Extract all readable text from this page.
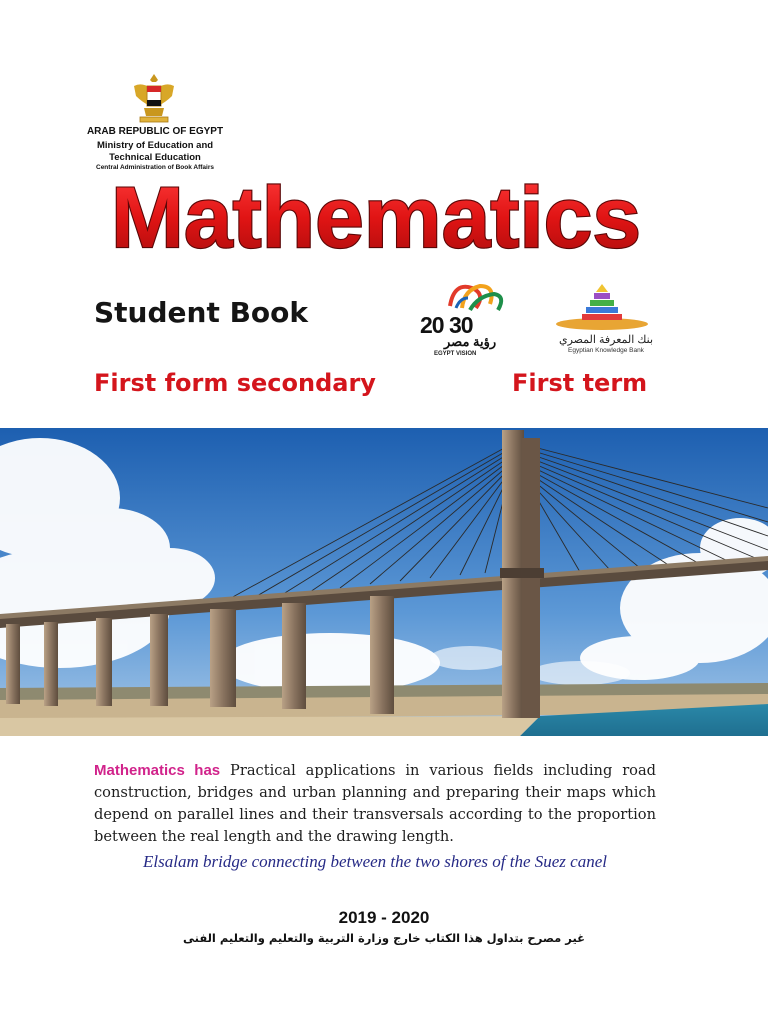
ARAB REPUBLIC OF EGYPT
Ministry of Education and
Technical Education
Central Administration of Book Affairs
Mathematics
Student Book
First form secondary	First term
20 30
رؤية مصر
EGYPT VISION
بنك المعرفة المصري
Egyptian Knowledge Bank
Mathematics has Practical applications in various fields including road construction, bridges and urban planning and preparing their maps which depend on parallel lines and their transversals according to the proportion between the real length and the drawing length.
Elsalam bridge connecting between the two shores of the Suez canel
2019 - 2020
غير مصرح بتداول هذا الكتاب خارج وزارة التربية والتعليم والتعليم الفنى
